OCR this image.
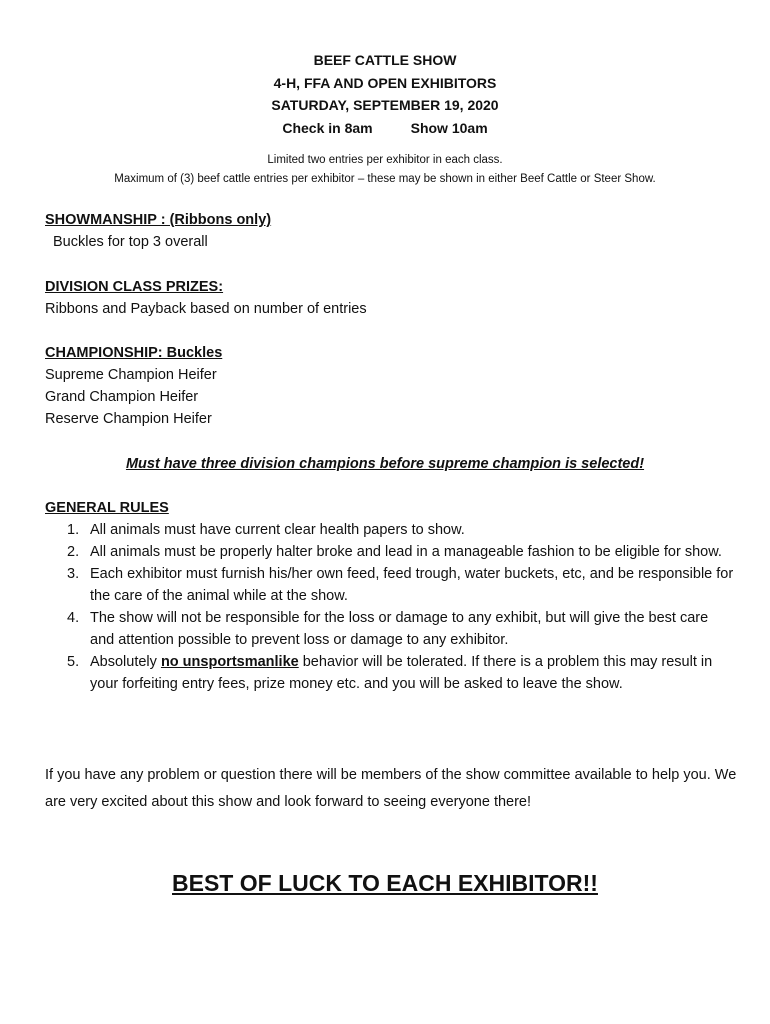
BEEF CATTLE SHOW
4-H, FFA AND OPEN EXHIBITORS
SATURDAY, SEPTEMBER 19, 2020
Check in 8am	Show 10am
Limited two entries per exhibitor in each class.
Maximum of (3) beef cattle entries per exhibitor – these may be shown in either Beef Cattle or Steer Show.
SHOWMANSHIP : (Ribbons only)
Buckles for top 3 overall
DIVISION CLASS PRIZES:
Ribbons and Payback based on number of entries
CHAMPIONSHIP: Buckles
Supreme Champion Heifer
Grand Champion Heifer
Reserve Champion Heifer
Must have three division champions before supreme champion is selected!
GENERAL RULES
1. All animals must have current clear health papers to show.
2. All animals must be properly halter broke and lead in a manageable fashion to be eligible for show.
3. Each exhibitor must furnish his/her own feed, feed trough, water buckets, etc, and be responsible for the care of the animal while at the show.
4. The show will not be responsible for the loss or damage to any exhibit, but will give the best care and attention possible to prevent loss or damage to any exhibitor.
5. Absolutely no unsportsmanlike behavior will be tolerated. If there is a problem this may result in your forfeiting entry fees, prize money etc. and you will be asked to leave the show.
If you have any problem or question there will be members of the show committee available to help you. We are very excited about this show and look forward to seeing everyone there!
BEST OF LUCK TO EACH EXHIBITOR!!
